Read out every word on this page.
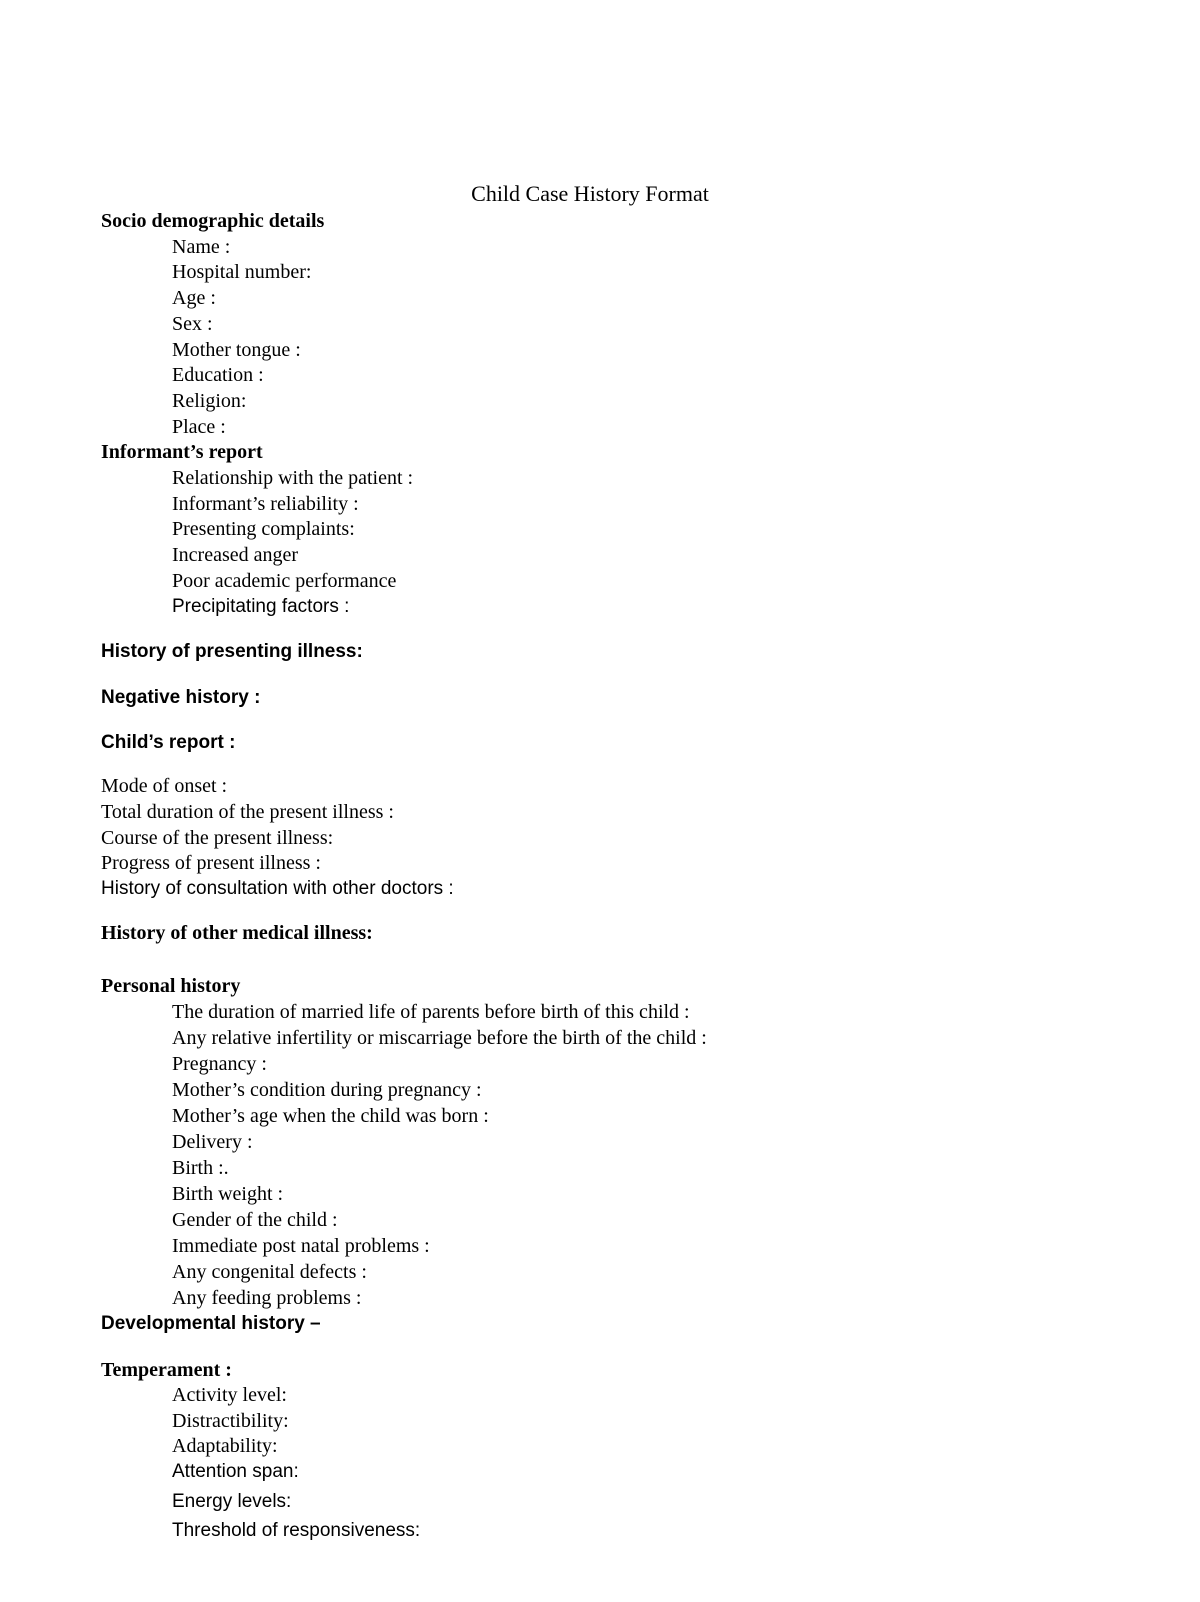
Child Case History Format
Socio demographic details
Name :
Hospital number:
Age :
Sex :
Mother tongue :
Education :
Religion:
Place :
Informant’s report
Relationship with the patient :
Informant’s reliability :
Presenting complaints:
Increased anger
Poor academic performance
Precipitating factors :
History of presenting illness:
Negative history :
Child’s report :
Mode of onset :
Total duration of the present illness :
Course of the present illness:
Progress of present illness :
History of consultation with other doctors :
History of other medical illness:
Personal history
The duration of married life of parents before birth of this child :
Any relative infertility or miscarriage before the birth of the child :
Pregnancy :
Mother’s condition during pregnancy :
Mother’s age when the child was born :
Delivery :
Birth :.
Birth weight :
Gender of the child :
Immediate post natal problems :
Any congenital defects :
Any feeding problems :
Developmental history –
Temperament :
Activity level:
Distractibility:
Adaptability:
Attention span:
Energy levels:
Threshold of responsiveness:
